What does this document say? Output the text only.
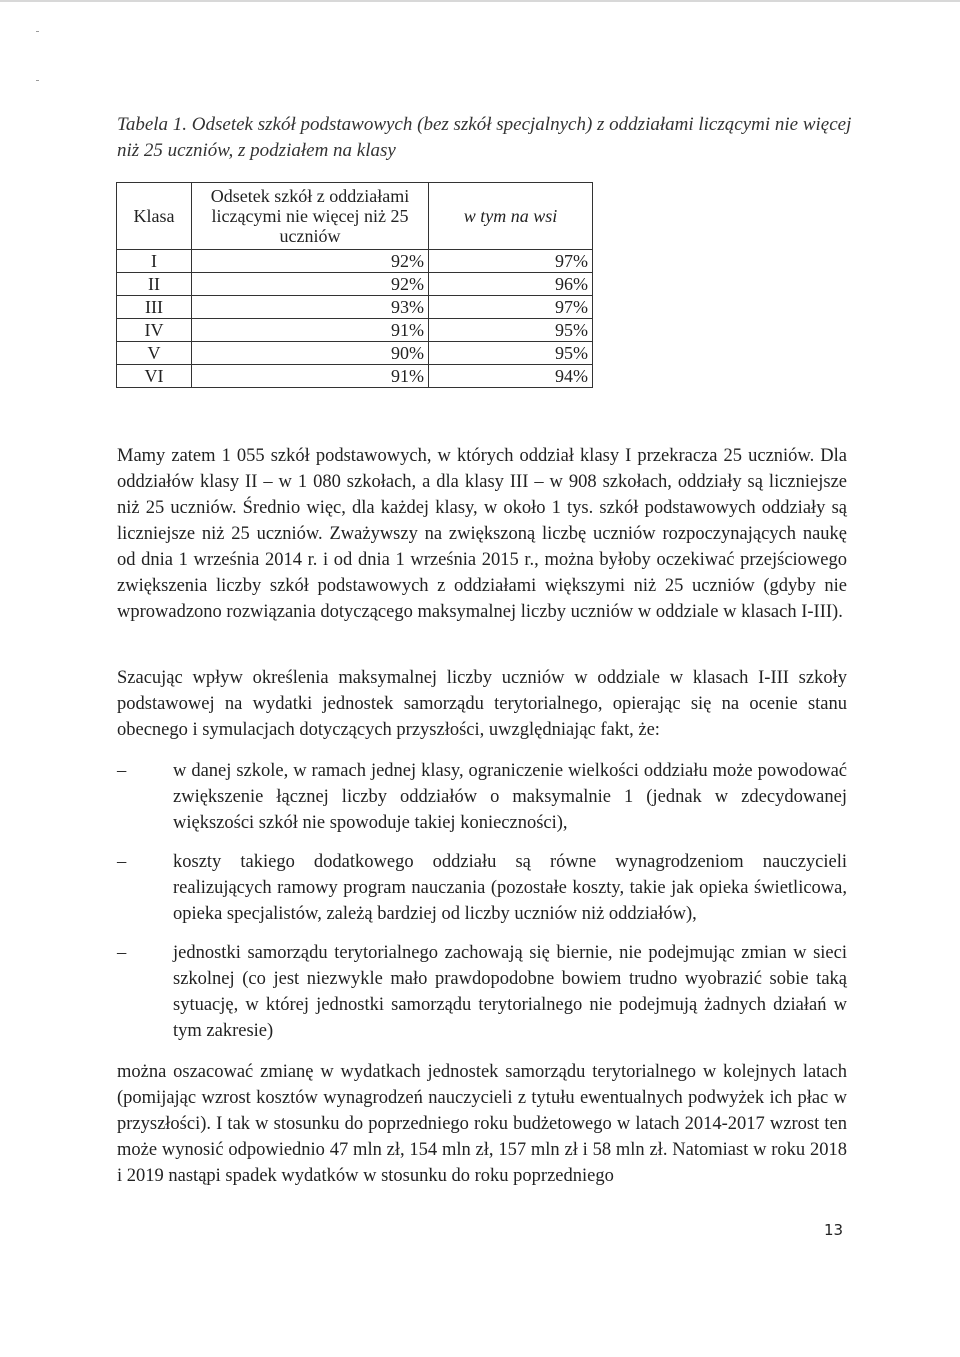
Tabela 1. Odsetek szkół podstawowych (bez szkół specjalnych) z oddziałami liczącymi nie więcej niż 25 uczniów, z podziałem na klasy
Klasa	Odsetek szkół z oddziałami liczącymi nie więcej niż 25 uczniów	w tym na wsi
I	92%	97%
II	92%	96%
III	93%	97%
IV	91%	95%
V	90%	95%
VI	91%	94%
Mamy zatem 1 055 szkół podstawowych, w których oddział klasy I przekracza 25 uczniów. Dla oddziałów klasy II – w 1 080 szkołach, a dla klasy III – w 908 szkołach, oddziały są liczniejsze niż 25 uczniów. Średnio więc, dla każdej klasy, w około 1 tys. szkół podstawowych oddziały są liczniejsze niż 25 uczniów. Zważywszy na zwiększoną liczbę uczniów rozpoczynających naukę od dnia 1 września 2014 r. i od dnia 1 września 2015 r., można byłoby oczekiwać przejściowego zwiększenia liczby szkół podstawowych z oddziałami większymi niż 25 uczniów (gdyby nie wprowadzono rozwiązania dotyczącego maksymalnej liczby uczniów w oddziale w klasach I-III).
Szacując wpływ określenia maksymalnej liczby uczniów w oddziale w klasach I-III szkoły podstawowej na wydatki jednostek samorządu terytorialnego, opierając się na ocenie stanu obecnego i symulacjach dotyczących przyszłości, uwzględniając fakt, że:
–	w danej szkole, w ramach jednej klasy, ograniczenie wielkości oddziału może powodować zwiększenie łącznej liczby oddziałów o maksymalnie 1 (jednak w zdecydowanej większości szkół nie spowoduje takiej konieczności),
–	koszty takiego dodatkowego oddziału są równe wynagrodzeniom nauczycieli realizujących ramowy program nauczania (pozostałe koszty, takie jak opieka świetlicowa, opieka specjalistów, zależą bardziej od liczby uczniów niż oddziałów),
–	jednostki samorządu terytorialnego zachowają się biernie, nie podejmując zmian w sieci szkolnej (co jest niezwykle mało prawdopodobne bowiem trudno wyobrazić sobie taką sytuację, w której jednostki samorządu terytorialnego nie podejmują żadnych działań w tym zakresie)
można oszacować zmianę w wydatkach jednostek samorządu terytorialnego w kolejnych latach (pomijając wzrost kosztów wynagrodzeń nauczycieli z tytułu ewentualnych podwyżek ich płac w przyszłości). I tak w stosunku do poprzedniego roku budżetowego w latach 2014-2017 wzrost ten może wynosić odpowiednio 47 mln zł, 154 mln zł, 157 mln zł i 58 mln zł. Natomiast w roku 2018 i 2019 nastąpi spadek wydatków w stosunku do roku poprzedniego
13
